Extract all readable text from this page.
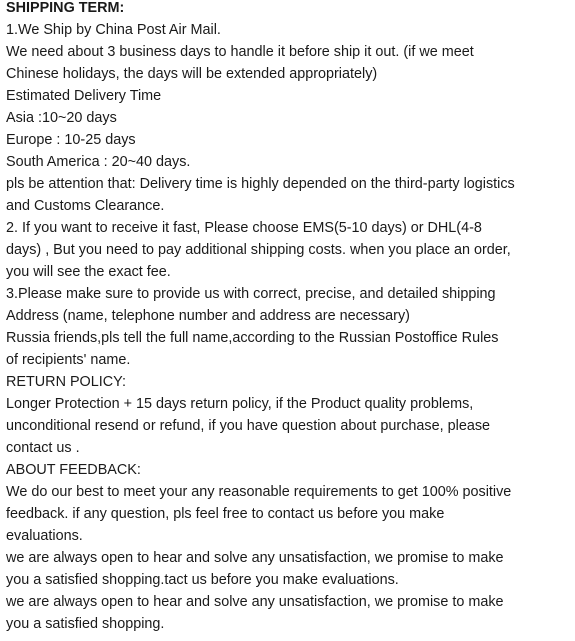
SHIPPING TERM:
1.We Ship by China Post Air Mail.
We need about 3 business days to handle it before ship it out. (if we meet
Chinese holidays, the days will be extended appropriately)
Estimated Delivery Time
Asia :10~20 days
Europe : 10-25 days
South America : 20~40 days.
pls be attention that: Delivery time is highly depended on the third-party logistics
and Customs Clearance.
2. If you want to receive it fast, Please choose EMS(5-10 days) or DHL(4-8
days) , But you need to pay additional shipping costs. when you place an order,
you will see the exact fee.
3.Please make sure to provide us with correct, precise, and detailed shipping
Address (name, telephone number and address are necessary)
Russia friends,pls tell the full name,according to the Russian Postoffice Rules
of recipients' name.
RETURN POLICY:
Longer Protection + 15 days return policy, if the Product quality problems,
unconditional resend or refund, if you have question about purchase, please
contact us .
ABOUT FEEDBACK:
We do our best to meet your any reasonable requirements to get 100% positive
feedback. if any question, pls feel free to contact us before you make
evaluations.
we are always open to hear and solve any unsatisfaction, we promise to make
you a satisfied shopping.tact us before you make evaluations.
we are always open to hear and solve any unsatisfaction, we promise to make
you a satisfied shopping.
